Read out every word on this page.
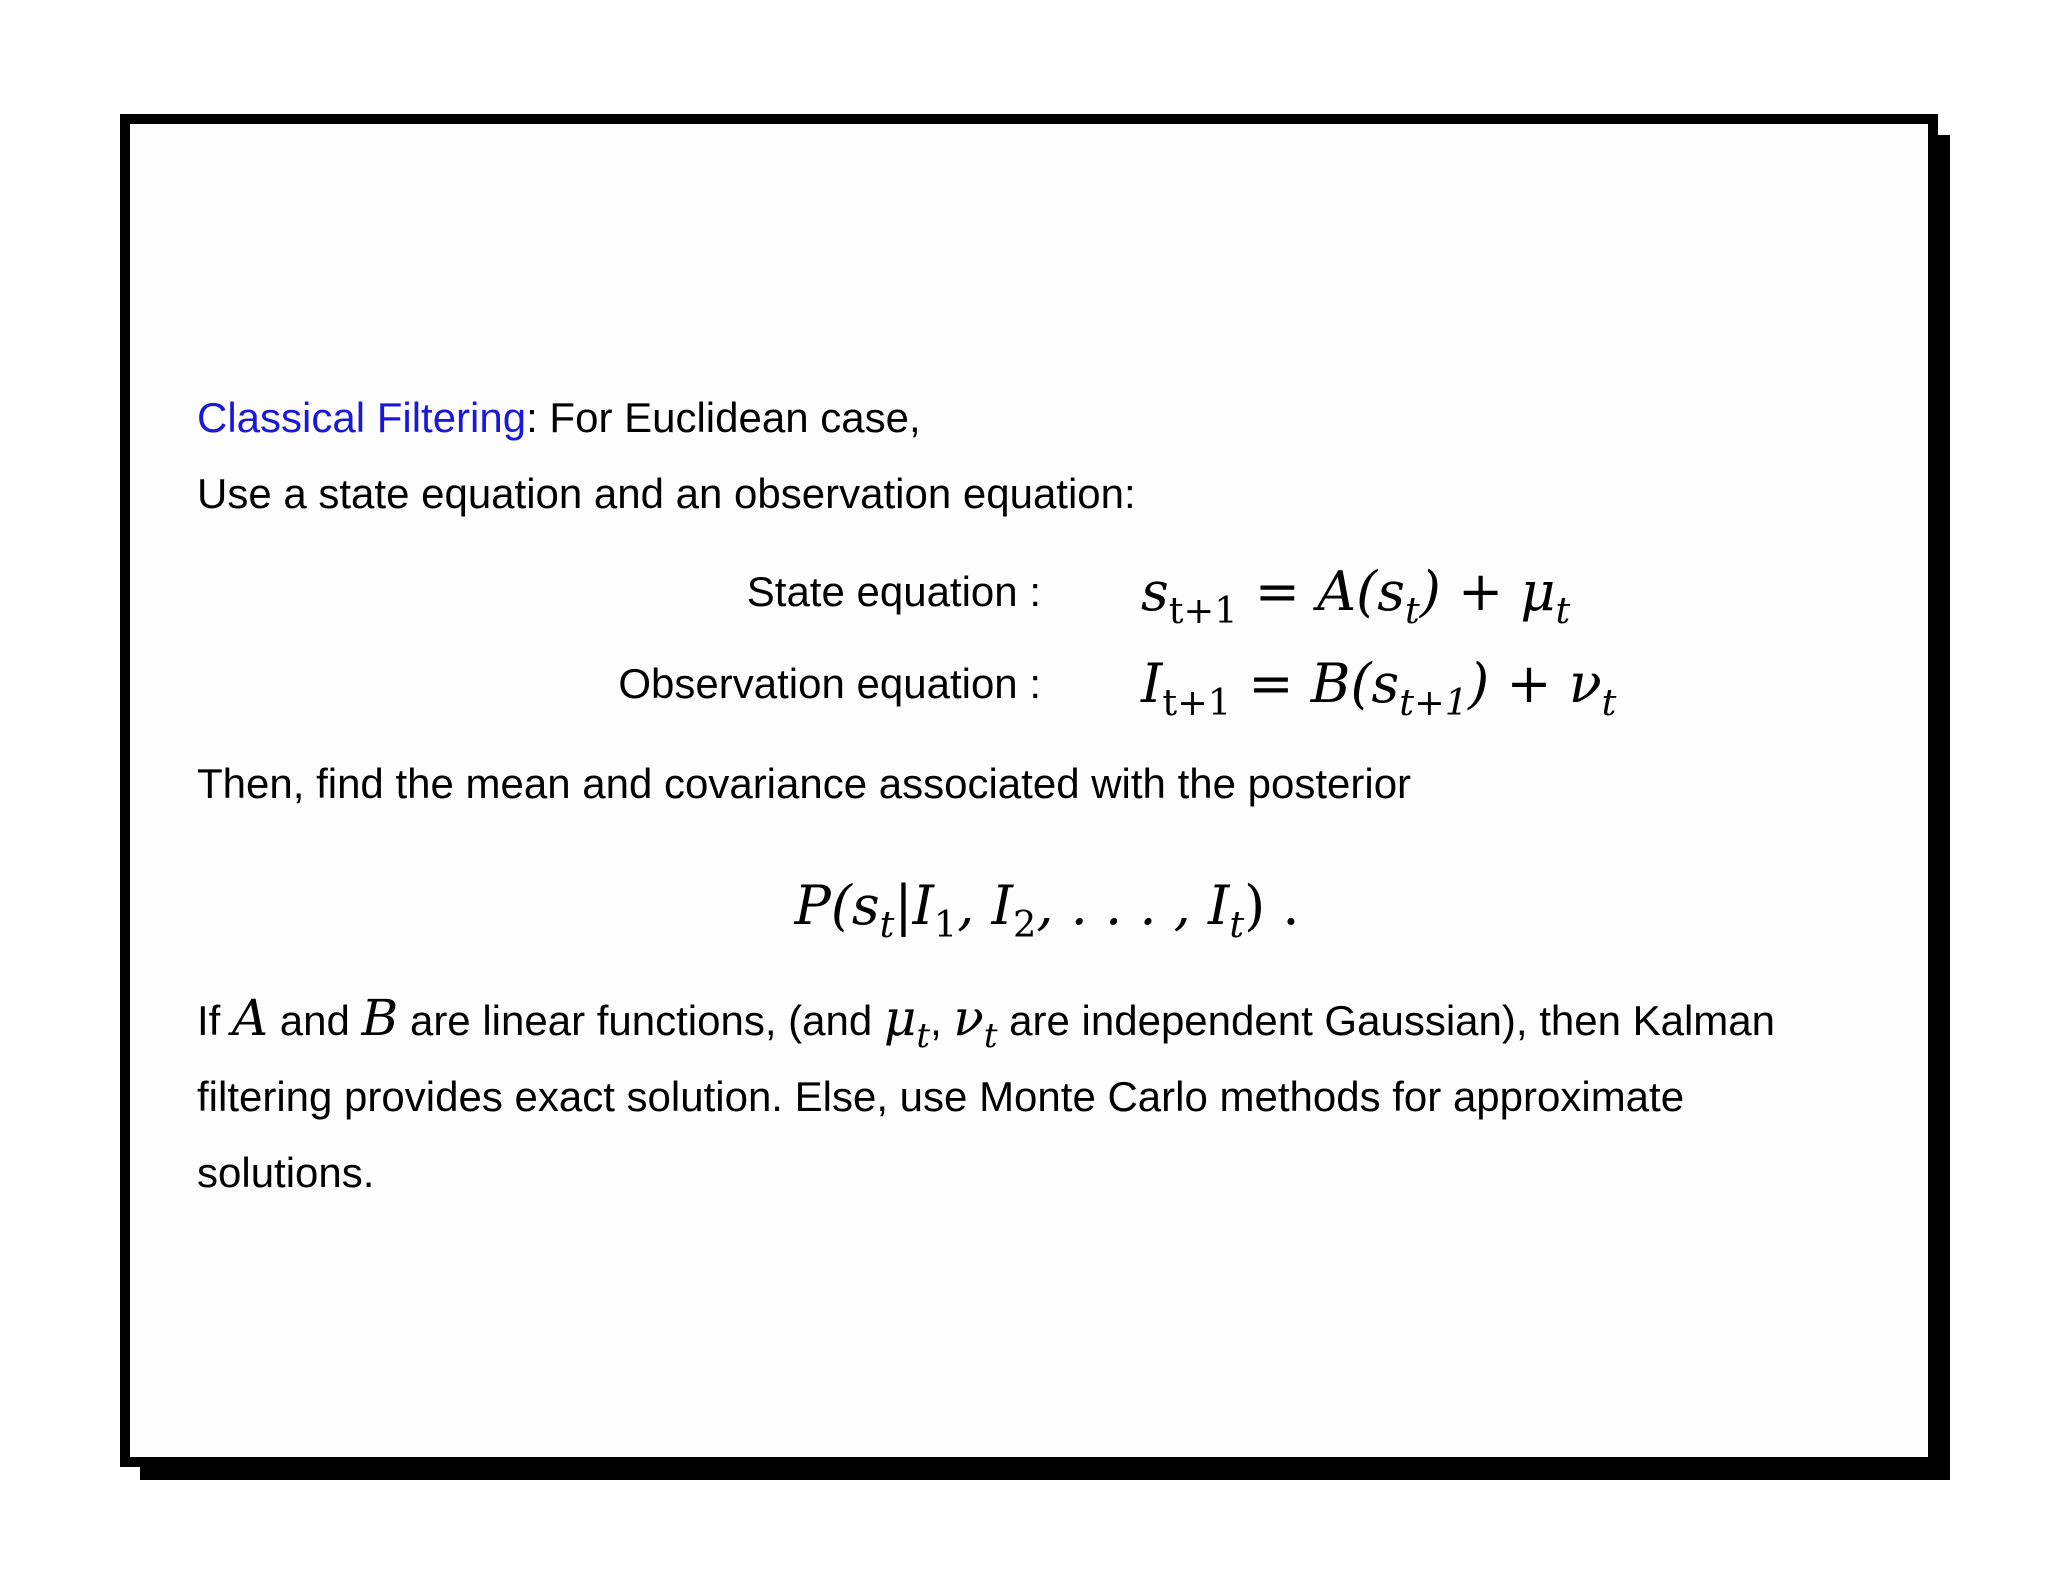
Classical Filtering: For Euclidean case,
Use a state equation and an observation equation:
State equation :	$s_{t+1} = A(s_t) + \mu_t$
Observation equation :	$I_{t+1} = B(s_{t+1}) + \nu_t$
Then, find the mean and covariance associated with the posterior
$P(s_t|I_1$, $I_2$, . . . , $I_t$) .
If A and B are linear functions, (and $\mu_t$, $\nu_t$ are independent Gaussian), then Kalman
filtering provides exact solution. Else, use Monte Carlo methods for approximate
solutions.
